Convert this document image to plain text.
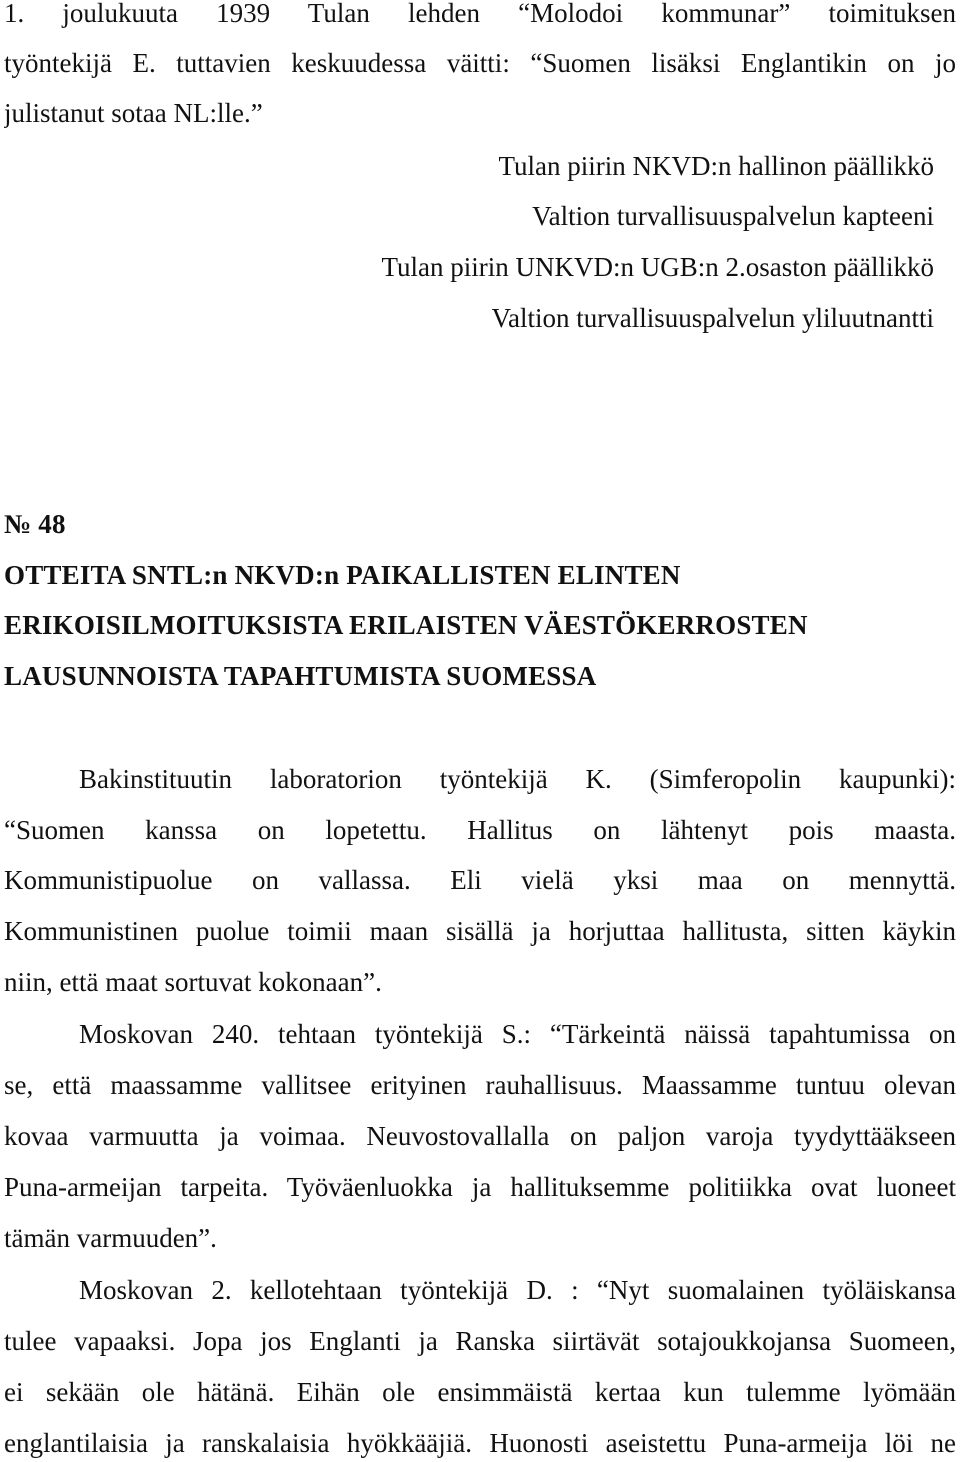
1. joulukuuta 1939 Tulan lehden “Molodoi kommunar” toimituksen
työntekijä E. tuttavien keskuudessa väitti: “Suomen lisäksi Englantikin on jo
julistanut sotaa NL:lle.”
Tulan piirin NKVD:n hallinon päällikkö
Valtion turvallisuuspalvelun kapteeni
Tulan piirin UNKVD:n UGB:n 2.osaston päällikkö
Valtion turvallisuuspalvelun yliluutnantti
№ 48
OTTEITA SNTL:n NKVD:n PAIKALLISTEN ELINTEN
ERIKOISILMOITUKSISTA ERILAISTEN VÄESTÖKERROSTEN
LAUSUNNOISTA TAPAHTUMISTA SUOMESSA
Bakinstituutin laboratorion työntekijä K. (Simferopolin kaupunki):
“Suomen kanssa on lopetettu. Hallitus on lähtenyt pois maasta.
Kommunistipuolue on vallassa. Eli vielä yksi maa on mennyttä.
Kommunistinen puolue toimii maan sisällä ja horjuttaa hallitusta, sitten käykin
niin, että maat sortuvat kokonaan”.
Moskovan 240. tehtaan työntekijä S.: “Tärkeintä näissä tapahtumissa on
se, että maassamme vallitsee erityinen rauhallisuus. Maassamme tuntuu olevan
kovaa varmuutta ja voimaa. Neuvostovallalla on paljon varoja tyydyttääkseen
Puna-armeijan tarpeita. Työväenluokka ja hallituksemme politiikka ovat luoneet
tämän varmuuden”.
Moskovan 2. kellotehtaan työntekijä D. : “Nyt suomalainen työläiskansa
tulee vapaaksi. Jopa jos Englanti ja Ranska siirtävät sotajoukkojansa Suomeen,
ei sekään ole hätänä. Eihän ole ensimmäistä kertaa kun tulemme lyömään
englantilaisia ja ranskalaisia hyökkääjiä. Huonosti aseistettu Puna-armeija löi ne
